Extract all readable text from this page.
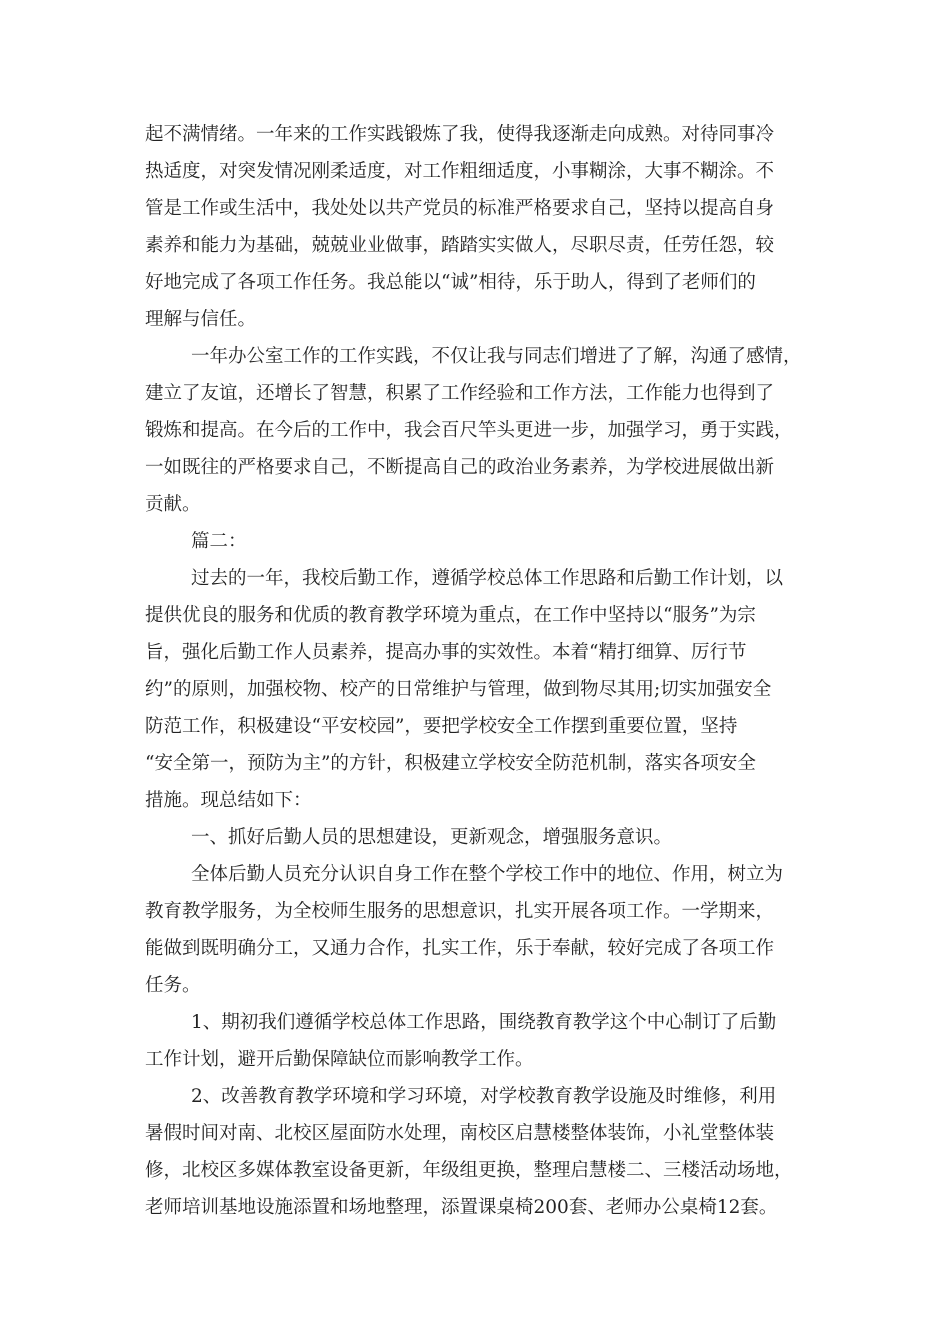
起不满情绪。一年来的工作实践锻炼了我，使得我逐渐走向成熟。对待同事冷

热适度，对突发情况刚柔适度，对工作粗细适度，小事糊涂，大事不糊涂。不

管是工作或生活中，我处处以共产党员的标准严格要求自己，坚持以提高自身

素养和能力为基础，兢兢业业做事，踏踏实实做人，尽职尽责，任劳任怨，较

好地完成了各项工作任务。我总能以“诚”相待，乐于助人，得到了老师们的

理解与信任。

一年办公室工作的工作实践，不仅让我与同志们增进了了解，沟通了感情，

建立了友谊，还增长了智慧，积累了工作经验和工作方法，工作能力也得到了

锻炼和提高。在今后的工作中，我会百尺竿头更进一步，加强学习，勇于实践，

一如既往的严格要求自己，不断提高自己的政治业务素养，为学校进展做出新

贡献。

篇二：

过去的一年，我校后勤工作，遵循学校总体工作思路和后勤工作计划，以

提供优良的服务和优质的教育教学环境为重点，在工作中坚持以“服务”为宗

旨，强化后勤工作人员素养，提高办事的实效性。本着“精打细算、厉行节

约”的原则，加强校物、校产的日常维护与管理，做到物尽其用;切实加强安全

防范工作，积极建设“平安校园”，要把学校安全工作摆到重要位置，坚持

“安全第一，预防为主”的方针，积极建立学校安全防范机制，落实各项安全

措施。现总结如下：

一、抓好后勤人员的思想建设，更新观念，增强服务意识。

全体后勤人员充分认识自身工作在整个学校工作中的地位、作用，树立为

教育教学服务，为全校师生服务的思想意识，扎实开展各项工作。一学期来，

能做到既明确分工，又通力合作，扎实工作，乐于奉献，较好完成了各项工作

任务。

1、期初我们遵循学校总体工作思路，围绕教育教学这个中心制订了后勤

工作计划，避开后勤保障缺位而影响教学工作。

2、改善教育教学环境和学习环境，对学校教育教学设施及时维修，利用

暑假时间对南、北校区屋面防水处理，南校区启慧楼整体装饰，小礼堂整体装

修，北校区多媒体教室设备更新，年级组更换，整理启慧楼二、三楼活动场地，

老师培训基地设施添置和场地整理，添置课桌椅200套、老师办公桌椅12套。
